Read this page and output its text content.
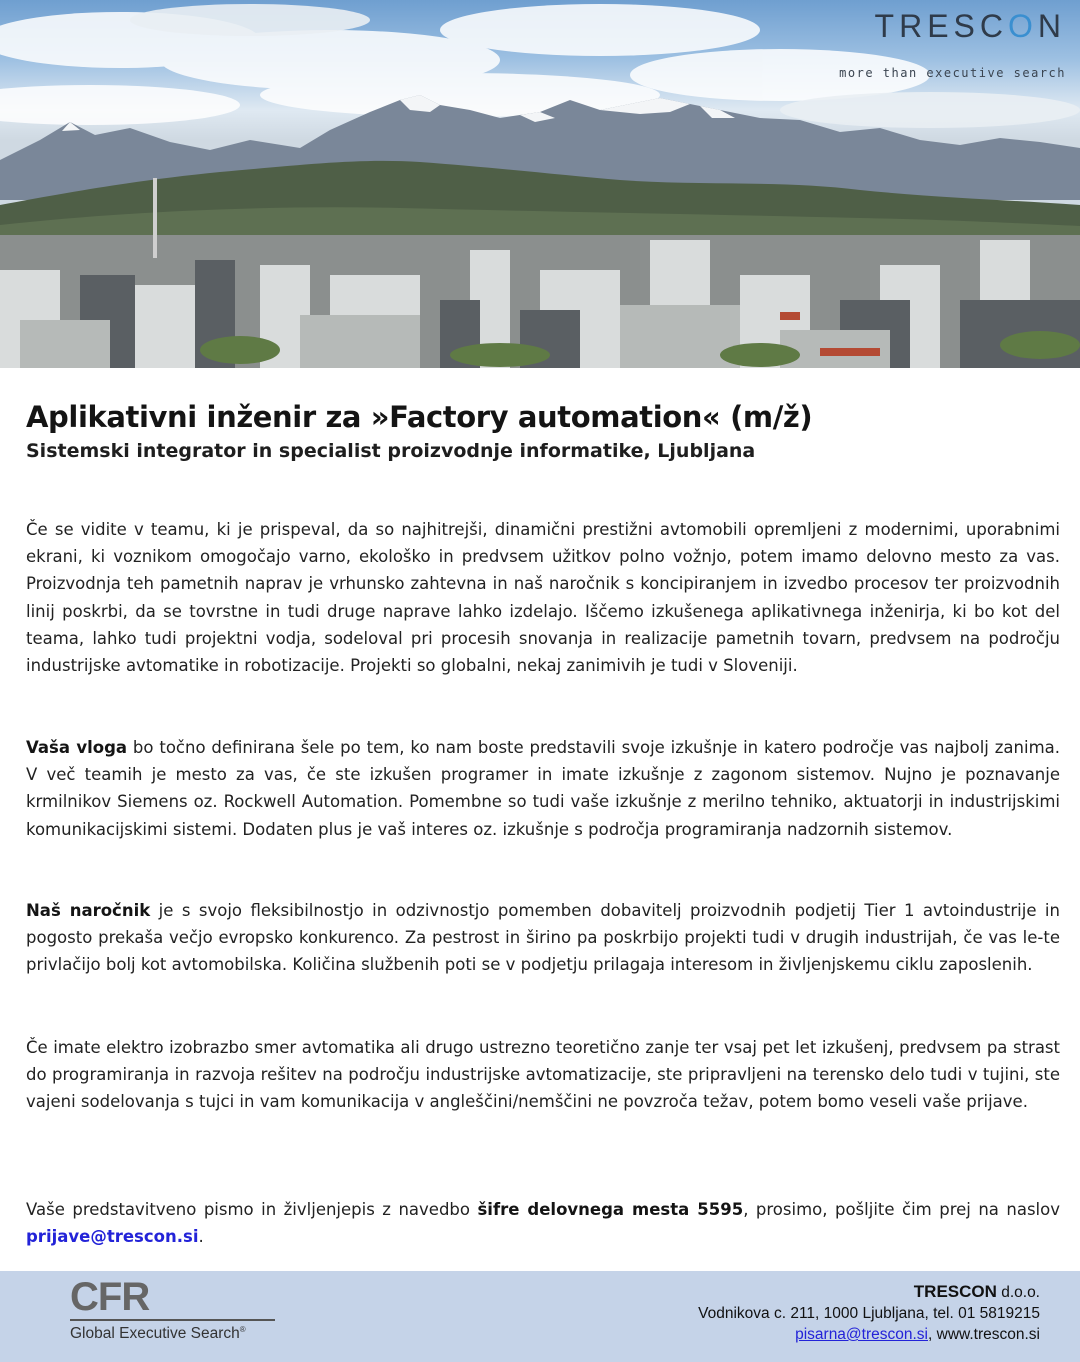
TRESCON
more than executive search
Aplikativni inženir za »Factory automation« (m/ž)
Sistemski integrator in specialist proizvodnje informatike, Ljubljana

Če se vidite v teamu, ki je prispeval, da so najhitrejši, dinamični prestižni avtomobili opremljeni z modernimi, uporabnimi ekrani, ki voznikom omogočajo varno, ekološko in predvsem užitkov polno vožnjo, potem imamo delovno mesto za vas. Proizvodnja teh pametnih naprav je vrhunsko zahtevna in naš naročnik s koncipiranjem in izvedbo procesov ter proizvodnih linij poskrbi, da se tovrstne in tudi druge naprave lahko izdelajo. Iščemo izkušenega aplikativnega inženirja, ki bo kot del teama, lahko tudi projektni vodja, sodeloval pri procesih snovanja in realizacije pametnih tovarn, predvsem na področju industrijske avtomatike in robotizacije. Projekti so globalni, nekaj zanimivih je tudi v Sloveniji.

Vaša vloga bo točno definirana šele po tem, ko nam boste predstavili svoje izkušnje in katero področje vas najbolj zanima. V več teamih je mesto za vas, če ste izkušen programer in imate izkušnje z zagonom sistemov. Nujno je poznavanje krmilnikov Siemens oz. Rockwell Automation. Pomembne so tudi vaše izkušnje z merilno tehniko, aktuatorji in industrijskimi komunikacijskimi sistemi. Dodaten plus je vaš interes oz. izkušnje s področja programiranja nadzornih sistemov.

Naš naročnik je s svojo fleksibilnostjo in odzivnostjo pomemben dobavitelj proizvodnih podjetij Tier 1 avtoindustrije in pogosto prekaša večjo evropsko konkurenco. Za pestrost in širino pa poskrbijo projekti tudi v drugih industrijah, če vas le-te privlačijo bolj kot avtomobilska. Količina službenih poti se v podjetju prilagaja interesom in življenjskemu ciklu zaposlenih.

Če imate elektro izobrazbo smer avtomatika ali drugo ustrezno teoretično zanje ter vsaj pet let izkušenj, predvsem pa strast do programiranja in razvoja rešitev na področju industrijske avtomatizacije, ste pripravljeni na terensko delo tudi v tujini, ste vajeni sodelovanja s tujci in vam komunikacija v angleščini/nemščini ne povzroča težav, potem bomo veseli vaše prijave.

Vaše predstavitveno pismo in življenjepis z navedbo šifre delovnega mesta 5595, prosimo, pošljite čim prej na naslov prijave@trescon.si.

CFR
Global Executive Search®
TRESCON d.o.o.
Vodnikova c. 211, 1000 Ljubljana, tel. 01 5819215
pisarna@trescon.si, www.trescon.si
